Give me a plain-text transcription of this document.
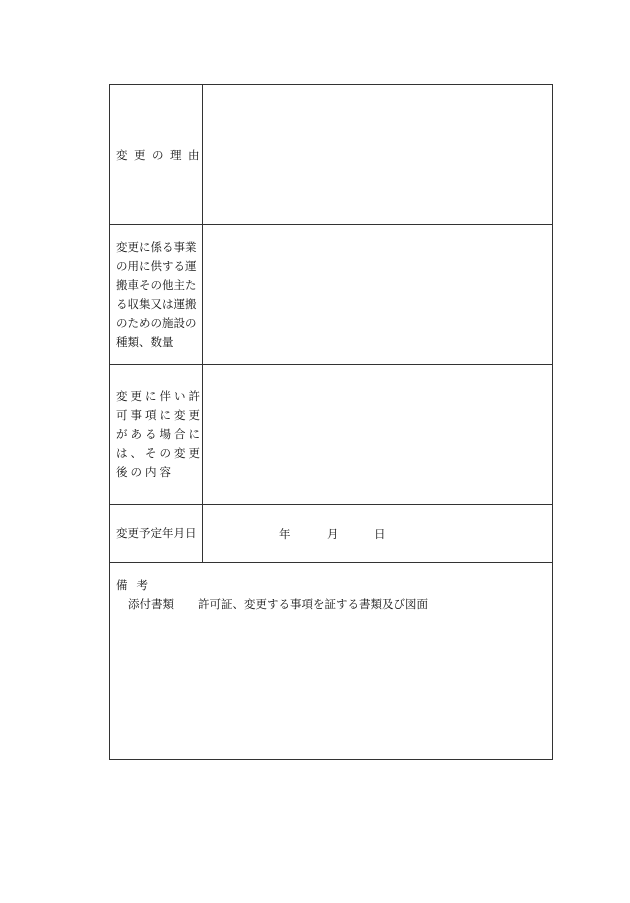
変更の理由
変更に係る事業
の用に供する運
搬車その他主た
る収集又は運搬
のための施設の
種類、数量
変更に伴い許
可事項に変更
がある場合に
は、その変更
後の内容
変更予定年月日	年	月	日
備考
添付書類 許可証、変更する事項を証する書類及び図面
